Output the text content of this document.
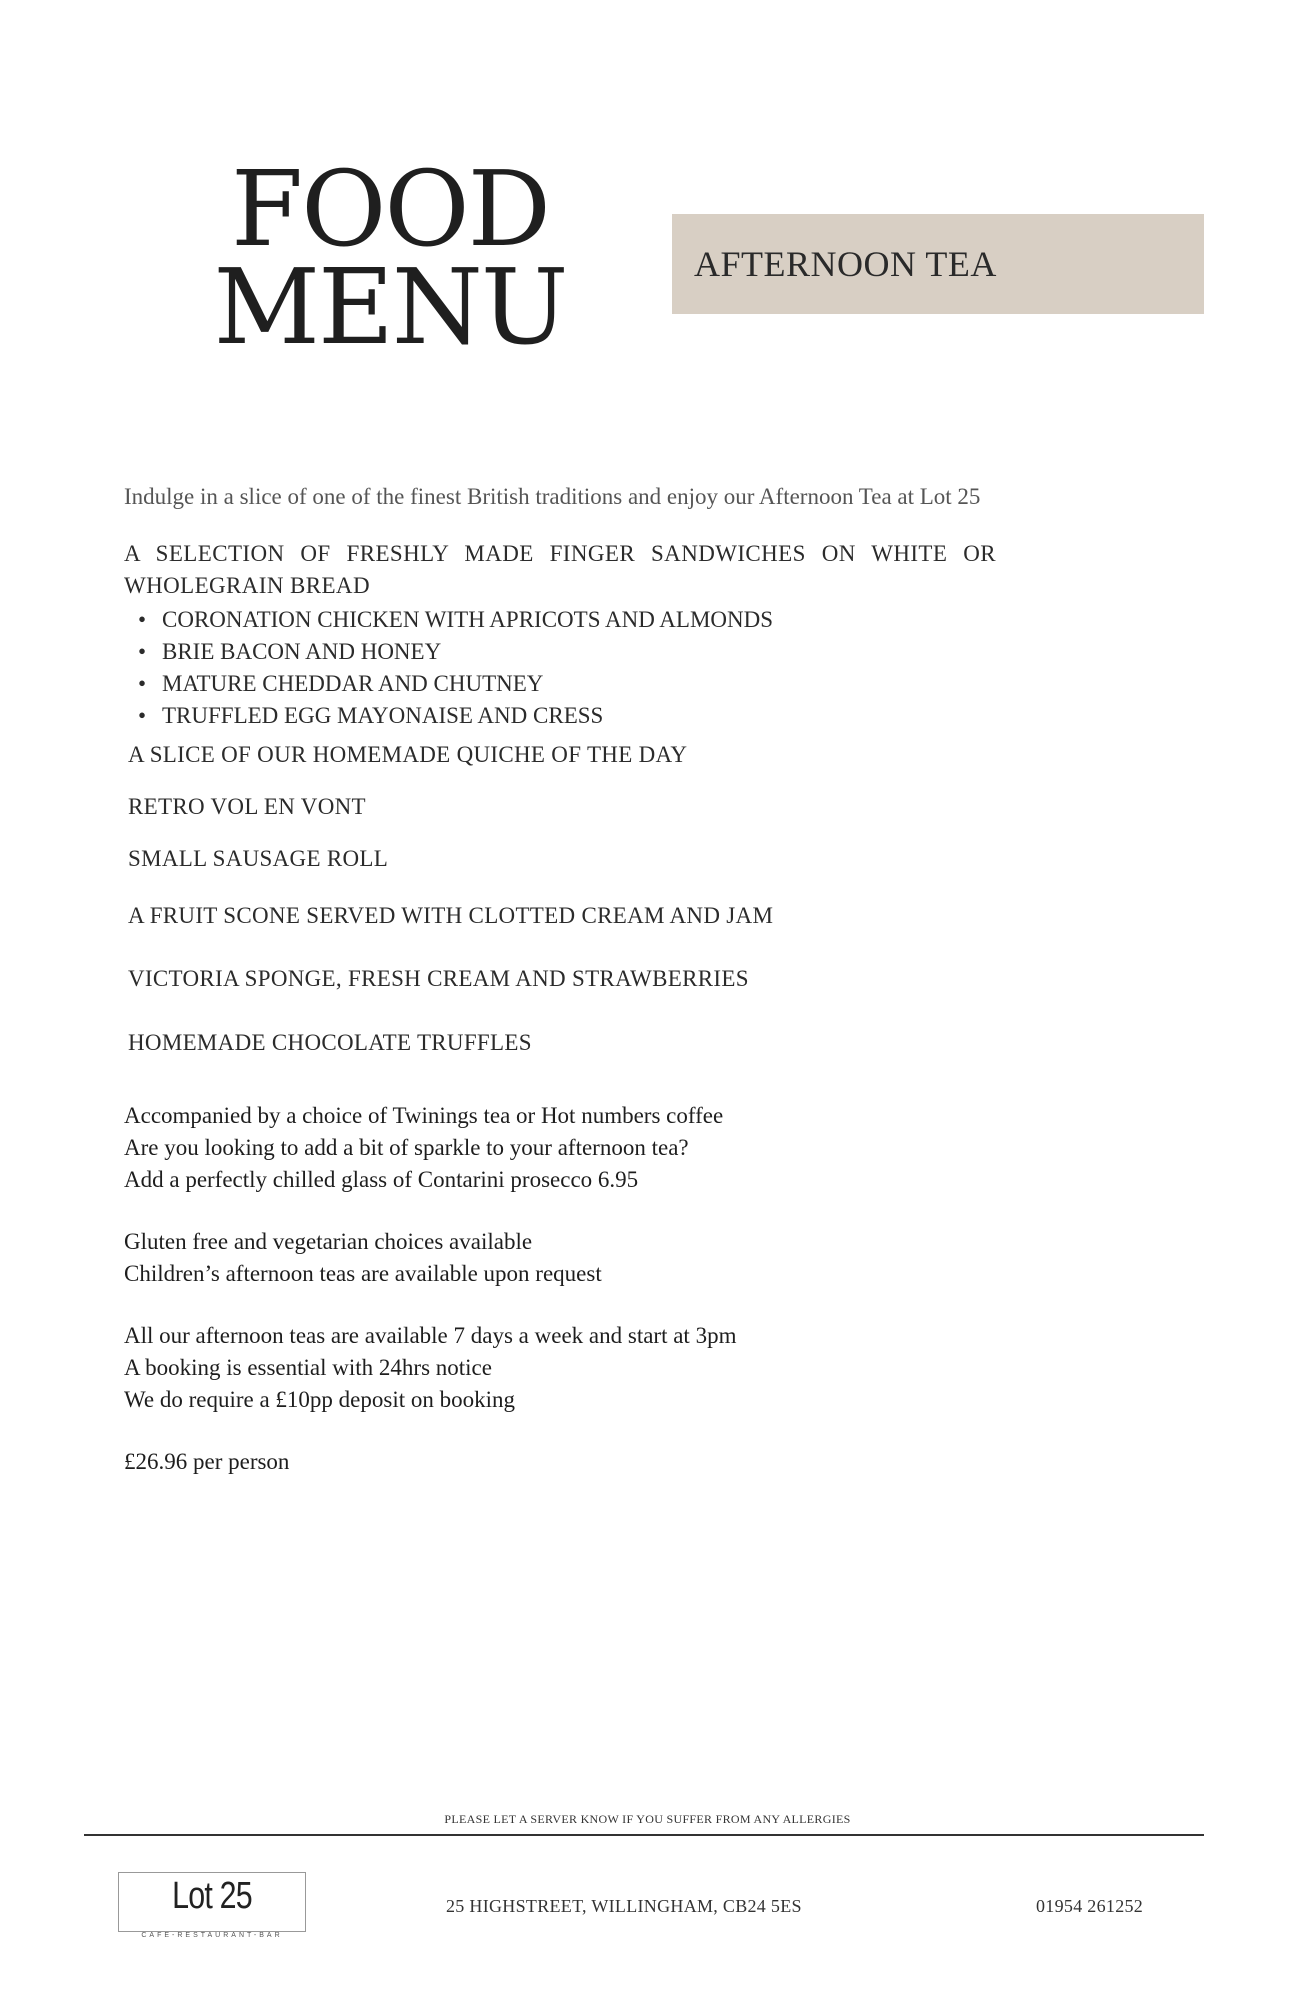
FOOD
MENU	AFTERNOON TEA
Indulge in a slice of one of the finest British traditions and enjoy our Afternoon Tea at Lot 25
A SELECTION OF FRESHLY MADE FINGER SANDWICHES ON WHITE OR WHOLEGRAIN BREAD
• CORONATION CHICKEN WITH APRICOTS AND ALMONDS
• BRIE BACON AND HONEY
• MATURE CHEDDAR AND CHUTNEY
• TRUFFLED EGG MAYONAISE AND CRESS
A SLICE OF OUR HOMEMADE QUICHE OF THE DAY
RETRO VOL EN VONT
SMALL SAUSAGE ROLL
A FRUIT SCONE SERVED WITH CLOTTED CREAM AND JAM
VICTORIA SPONGE, FRESH CREAM AND STRAWBERRIES
HOMEMADE CHOCOLATE TRUFFLES

Accompanied by a choice of Twinings tea or Hot numbers coffee

Are you looking to add a bit of sparkle to your afternoon tea?

Add a perfectly chilled glass of Contarini prosecco 6.95

Gluten free and vegetarian choices available

Children’s afternoon teas are available upon request

All our afternoon teas are available 7 days a week and start at 3pm

A booking is essential with 24hrs notice

We do require a £10pp deposit on booking

£26.96 per person

PLEASE LET A SERVER KNOW IF YOU SUFFER FROM ANY ALLERGIES
Lot 25
CAFE-RESTAURANT-BAR
25 HIGHSTREET, WILLINGHAM, CB24 5ES	01954 261252
